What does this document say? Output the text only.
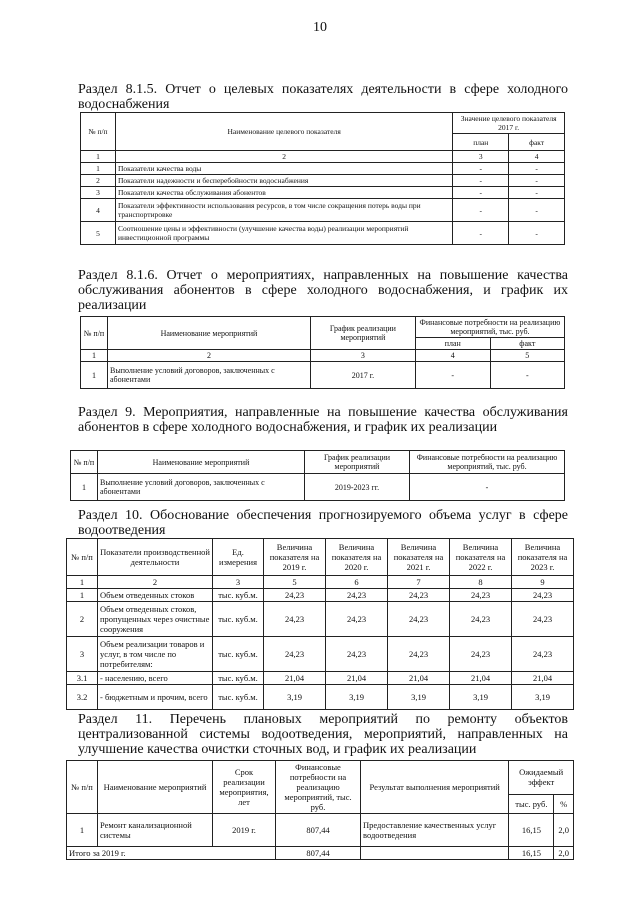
10
Раздел 8.1.5. Отчет о целевых показателях деятельности в сфере холодного водоснабжения
№ п/п	Наименование целевого показателя	Значение целевого показателя 2017 г.	
		план	факт
1	2	3	4
1	Показатели качества воды	-	-
2	Показатели надежности и бесперебойности водоснабжения	-	-
3	Показатели качества обслуживания абонентов	-	-
4	Показатели эффективности использования ресурсов, в том числе сокращения потерь воды при транспортировке	-	-
5	Соотношение цены и эффективности (улучшение качества воды) реализации мероприятий инвестиционной программы	-	-
Раздел 8.1.6. Отчет о мероприятиях, направленных на повышение качества обслуживания абонентов в сфере холодного водоснабжения, и график их реализации
№ п/п	Наименование мероприятий	График реализации мероприятий	Финансовые потребности на реализацию мероприятий, тыс. руб.	
			план	факт
1	2	3	4	5
1	Выполнение условий договоров, заключенных с абонентами	2017 г.	-	-
Раздел 9. Мероприятия, направленные на повышение качества обслуживания абонентов в сфере холодного водоснабжения, и график их реализации
№ п/п	Наименование мероприятий	График реализации мероприятий	Финансовые потребности на реализацию мероприятий, тыс. руб.
1	Выполнение условий договоров, заключенных с абонентами	2019-2023 гг.	-
Раздел 10. Обоснование обеспечения прогнозируемого объема услуг в сфере водоотведения
№ п/п	Показатели производственной деятельности	Ед. измерения	Величина показателя на 2019 г.	Величина показателя на 2020 г.	Величина показателя на 2021 г.	Величина показателя на 2022 г.	Величина показателя на 2023 г.
1	2	3	5	6	7	8	9
1	Объем отведенных стоков	тыс. куб.м.	24,23	24,23	24,23	24,23	24,23
2	Объем отведенных стоков, пропущенных через очистные сооружения	тыс. куб.м.	24,23	24,23	24,23	24,23	24,23
3	Объем реализации товаров и услуг, в том числе по потребителям:	тыс. куб.м.	24,23	24,23	24,23	24,23	24,23
3.1	- населению, всего	тыс. куб.м.	21,04	21,04	21,04	21,04	21,04
3.2	- бюджетным и прочим, всего	тыс. куб.м.	3,19	3,19	3,19	3,19	3,19
Раздел 11. Перечень плановых мероприятий по ремонту объектов централизованной системы водоотведения, мероприятий, направленных на улучшение качества очистки сточных вод, и график их реализации
№ п/п	Наименование мероприятий	Срок реализации мероприятия, лет	Финансовые потребности на реализацию мероприятий, тыс. руб.	Результат выполнения мероприятий	Ожидаемый эффект	
					тыс. руб.	%
1	Ремонт канализационной системы	2019 г.	807,44	Предоставление качественных услуг водоотведения	16,15	2,0
Итого за 2019 г.			807,44		16,15	2,0
